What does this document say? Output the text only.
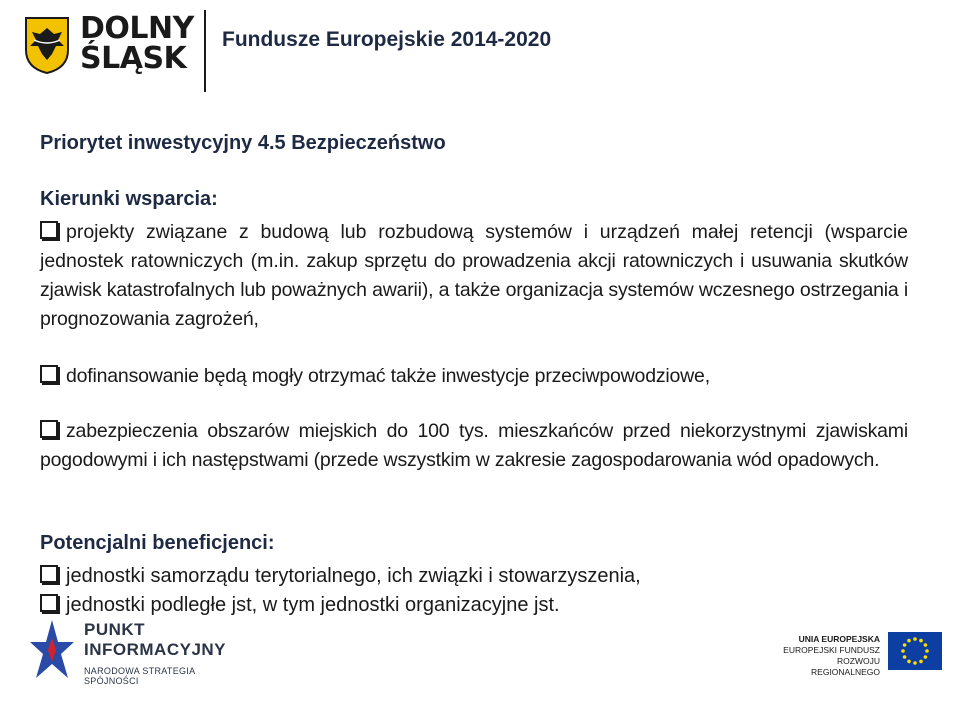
DOLNY
ŚLĄSK
Fundusze Europejskie 2014-2020
Priorytet inwestycyjny 4.5 Bezpieczeństwo
Kierunki wsparcia:
projekty związane z budową lub rozbudową systemów i urządzeń małej retencji (wsparcie jednostek ratowniczych (m.in. zakup sprzętu do prowadzenia akcji ratowniczych i usuwania skutków zjawisk katastrofalnych lub poważnych awarii), a także organizacja systemów wczesnego ostrzegania i prognozowania zagrożeń,
dofinansowanie będą mogły otrzymać także inwestycje przeciwpowodziowe,
zabezpieczenia obszarów miejskich do 100 tys. mieszkańców przed niekorzystnymi zjawiskami pogodowymi i ich następstwami (przede wszystkim w zakresie zagospodarowania wód opadowych.
Potencjalni beneficjenci:
jednostki samorządu terytorialnego, ich związki i stowarzyszenia,
jednostki podległe jst, w tym jednostki organizacyjne jst.
PUNKT
INFORMACYJNY
NARODOWA STRATEGIA SPÓJNOŚCI
UNIA EUROPEJSKA
EUROPEJSKI FUNDUSZ
ROZWOJU REGIONALNEGO
